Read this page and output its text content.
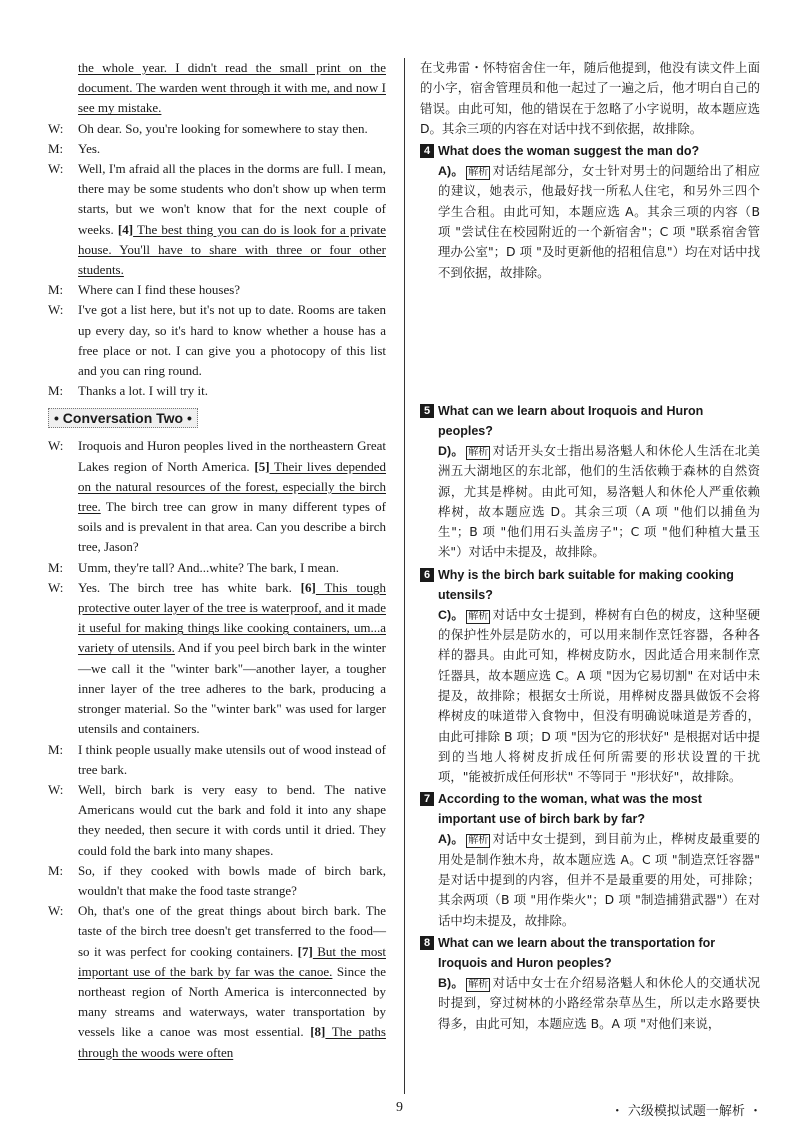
the whole year. I didn't read the small print on the document. The warden went through it with me, and now I see my mistake.

W: Oh dear. So, you're looking for somewhere to stay then.

M: Yes.

W: Well, I'm afraid all the places in the dorms are full. I mean, there may be some students who don't show up when term starts, but we won't know that for the next couple of weeks. [4] The best thing you can do is look for a private house. You'll have to share with three or four other students.

M: Where can I find these houses?

W: I've got a list here, but it's not up to date. Rooms are taken up every day, so it's hard to know whether a house has a free place or not. I can give you a photocopy of this list and you can ring round.

M: Thanks a lot. I will try it.

• Conversation Two •
W: Iroquois and Huron peoples lived in the northeastern Great Lakes region of North America. [5] Their lives depended on the natural resources of the forest, especially the birch tree. The birch tree can grow in many different types of soils and is prevalent in that area. Can you describe a birch tree, Jason?

M: Umm, they're tall? And...white? The bark, I mean.

W: Yes. The birch tree has white bark. [6] This tough protective outer layer of the tree is waterproof, and it made it useful for making things like cooking containers, um...a variety of utensils. And if you peel birch bark in the winter—we call it the "winter bark"—another layer, a tougher inner layer of the tree adheres to the bark, producing a stronger material. So the "winter bark" was used for larger utensils and containers.

M: I think people usually make utensils out of wood instead of tree bark.

W: Well, birch bark is very easy to bend. The native Americans would cut the bark and fold it into any shape they needed, then secure it with cords until it dried. They could fold the bark into many shapes.

M: So, if they cooked with bowls made of birch bark, wouldn't that make the food taste strange?

W: Oh, that's one of the great things about birch bark. The taste of the birch tree doesn't get transferred to the food—so it was perfect for cooking containers. [7] But the most important use of the bark by far was the canoe. Since the northeast region of North America is interconnected by many streams and waterways, water transportation by vessels like a canoe was most essential. [8] The paths through the woods were often

在戈弗雷・怀特宿舍住一年，随后他提到，他没有读文件上面的小字，宿舍管理员和他一起过了一遍之后，他才明白自己的错误。由此可知，他的错误在于忽略了小字说明，故本题应选 D。其余三项的内容在对话中找不到依据，故排除。

4 What does the woman suggest the man do?

A)。 解析 对话结尾部分，女士针对男士的问题给出了相应的建议，她表示，他最好找一所私人住宅，和另外三四个学生合租。由此可知，本题应选 A。其余三项的内容（B 项 "尝试住在校园附近的一个新宿舍"；C 项 "联系宿舍管理办公室"；D 项 "及时更新他的招租信息"）均在对话中找不到依据，故排除。

5 What can we learn about Iroquois and Huron peoples?

D)。 解析 对话开头女士指出易洛魁人和休伦人生活在北美洲五大湖地区的东北部，他们的生活依赖于森林的自然资源，尤其是桦树。由此可知，易洛魁人和休伦人严重依赖桦树，故本题应选 D。其余三项（A 项 "他们以捕鱼为生"；B 项 "他们用石头盖房子"；C 项 "他们种植大量玉米"）对话中未提及，故排除。

6 Why is the birch bark suitable for making cooking utensils?

C)。 解析 对话中女士提到，桦树有白色的树皮，这种坚硬的保护性外层是防水的，可以用来制作烹饪容器，各种各样的器具。由此可知，桦树皮防水，因此适合用来制作烹饪器具，故本题应选 C。A 项 "因为它易切割" 在对话中未提及，故排除；根据女士所说，用桦树皮器具做饭不会将桦树皮的味道带入食物中，但没有明确说味道是芳香的，由此可排除 B 项；D 项 "因为它的形状好" 是根据对话中提到的当地人将树皮折成任何所需要的形状设置的干扰项，"能被折成任何形状" 不等同于 "形状好"，故排除。

7 According to the woman, what was the most important use of birch bark by far?

A)。 解析 对话中女士提到，到目前为止，桦树皮最重要的用处是制作独木舟，故本题应选 A。C 项 "制造烹饪容器" 是对话中提到的内容，但并不是最重要的用处，可排除；其余两项（B 项 "用作柴火"；D 项 "制造捕猎武器"）在对话中均未提及，故排除。

8 What can we learn about the transportation for Iroquois and Huron peoples?

B)。 解析 对话中女士在介绍易洛魁人和休伦人的交通状况时提到，穿过树林的小路经常杂草丛生，所以走水路要快得多，由此可知，本题应选 B。A 项 "对他们来说，

9	・ 六级模拟试题一解析 ・
